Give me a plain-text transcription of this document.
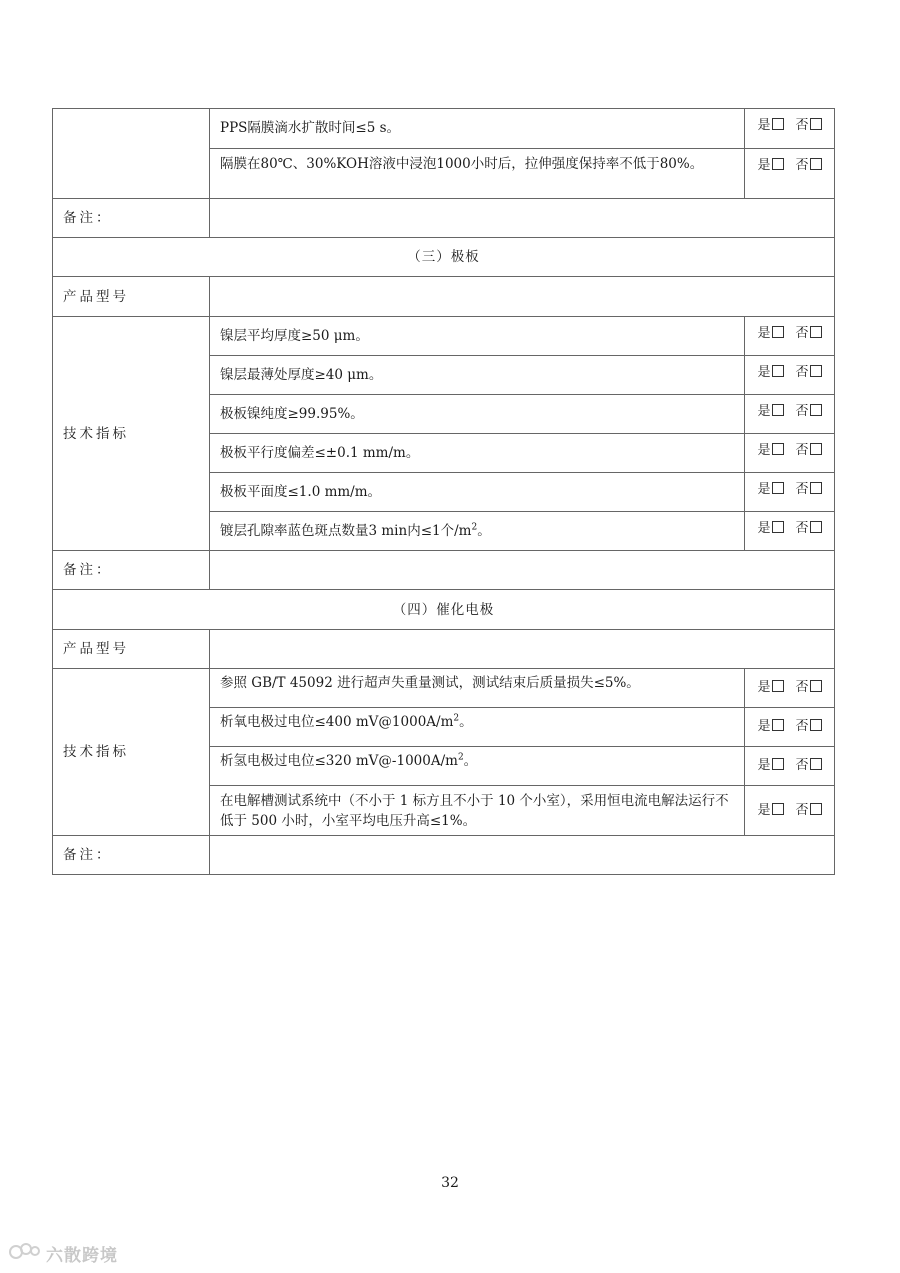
	PPS隔膜滴水扩散时间≤5 s。	是 否
	隔膜在80℃、30%KOH溶液中浸泡1000小时后，拉伸强度保持率不低于80%。	是 否
备注：		
（三）极板		
产品型号		
技术指标	镍层平均厚度≥50 μm。	是 否
	镍层最薄处厚度≥40 μm。	是 否
	极板镍纯度≥99.95%。	是 否
	极板平行度偏差≤±0.1 mm/m。	是 否
	极板平面度≤1.0 mm/m。	是 否
	镀层孔隙率蓝色斑点数量3 min内≤1个$/m^2$。	是 否
备注：		
（四）催化电极		
产品型号		
技术指标	参照 GB/T 45092 进行超声失重量测试，测试结束后质量损失≤5%。	是 否
	析氧电极过电位≤400 $mV@1000A/m^2$。	是 否
	析氢电极过电位≤320 $mV@-1000A/m^2$。	是 否
	在电解槽测试系统中（不小于 1 标方且不小于 10 个小室），采用恒电流电解法运行不低于 500 小时，小室平均电压升高≤1%。	是 否
备注：		
32
六散跨境
